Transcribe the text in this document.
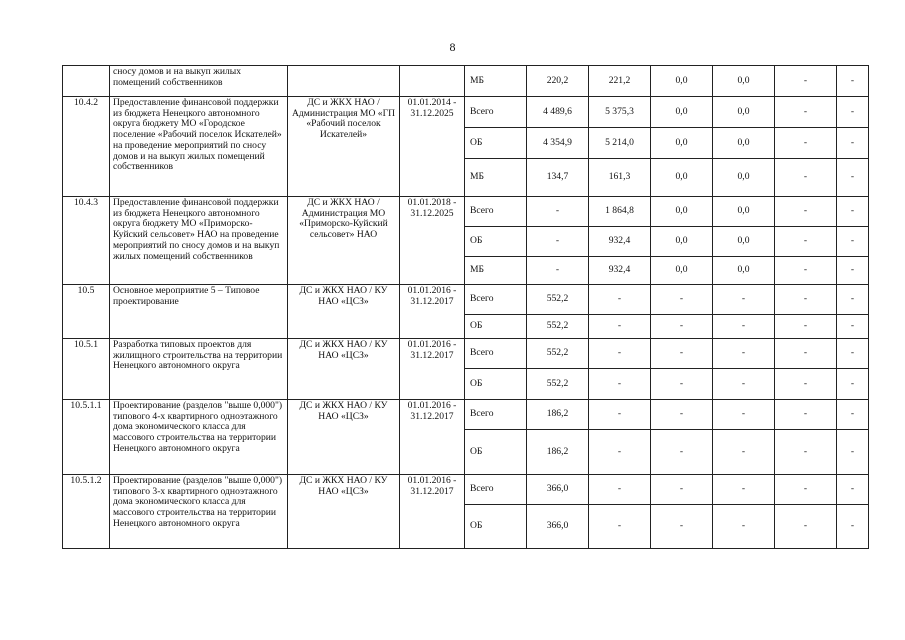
8
	сносу домов и на выкуп жилых помещений собственников			МБ	220,2	221,2	0,0	0,0	-	-
10.4.2	Предоставление финансовой поддержки из бюджета Ненецкого автономного округа бюджету МО «Городское поселение «Рабочий поселок Искателей» на проведение мероприятий по сносу домов и на выкуп жилых помещений собственников	ДС и ЖКХ НАО / Администрация МО «ГП «Рабочий поселок Искателей»	01.01.2014 - 31.12.2025	Всего	4 489,6	5 375,3	0,0	0,0	-	-
				ОБ	4 354,9	5 214,0	0,0	0,0	-	-
				МБ	134,7	161,3	0,0	0,0	-	-
10.4.3	Предоставление финансовой поддержки из бюджета Ненецкого автономного округа бюджету МО «Приморско-Куйский сельсовет» НАО на проведение мероприятий по сносу домов и на выкуп жилых помещений собственников	ДС и ЖКХ НАО / Администрация МО «Приморско-Куйский сельсовет» НАО	01.01.2018 - 31.12.2025	Всего	-	1 864,8	0,0	0,0	-	-
				ОБ	-	932,4	0,0	0,0	-	-
				МБ	-	932,4	0,0	0,0	-	-
10.5	Основное мероприятие 5 – Типовое проектирование	ДС и ЖКХ НАО / КУ НАО «ЦСЗ»	01.01.2016 - 31.12.2017	Всего	552,2	-	-	-	-	-
				ОБ	552,2	-	-	-	-	-
10.5.1	Разработка типовых проектов для жилищного строительства на территории Ненецкого автономного округа	ДС и ЖКХ НАО / КУ НАО «ЦСЗ»	01.01.2016 - 31.12.2017	Всего	552,2	-	-	-	-	-
				ОБ	552,2	-	-	-	-	-
10.5.1.1	Проектирование (разделов "выше 0,000") типового 4-х квартирного одноэтажного дома экономического класса для массового строительства на территории Ненецкого автономного округа	ДС и ЖКХ НАО / КУ НАО «ЦСЗ»	01.01.2016 - 31.12.2017	Всего	186,2	-	-	-	-	-
				ОБ	186,2	-	-	-	-	-
10.5.1.2	Проектирование (разделов "выше 0,000") типового 3-х квартирного одноэтажного дома экономического класса для массового строительства на территории Ненецкого автономного округа	ДС и ЖКХ НАО / КУ НАО «ЦСЗ»	01.01.2016 - 31.12.2017	Всего	366,0	-	-	-	-	-
				ОБ	366,0	-	-	-	-	-
